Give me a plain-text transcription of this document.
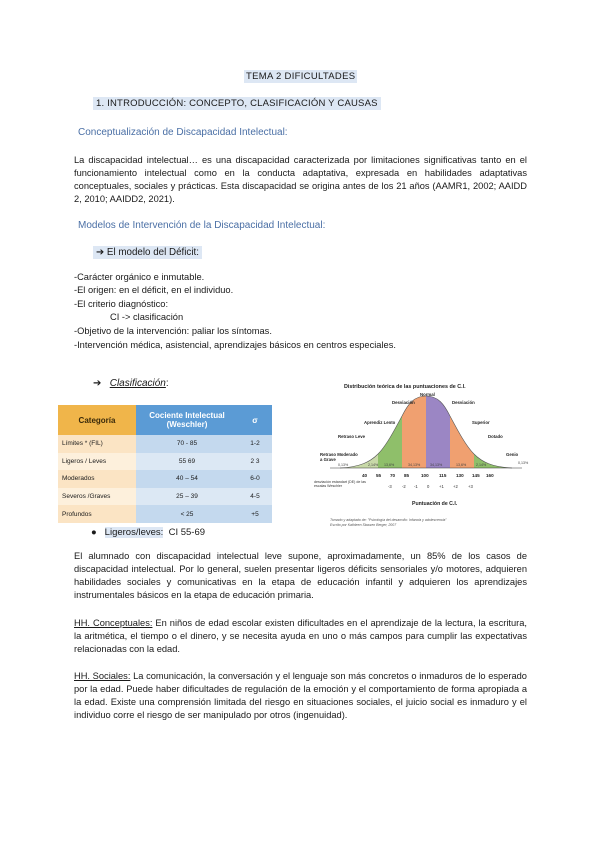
TEMA 2 DIFICULTADES
1. INTRODUCCIÓN: CONCEPTO, CLASIFICACIÓN Y CAUSAS
Conceptualización de Discapacidad Intelectual:

La discapacidad intelectual… es una discapacidad caracterizada por limitaciones significativas tanto en el funcionamiento intelectual como en la conducta adaptativa, expresada en habilidades adaptativas conceptuales, sociales y prácticas. Esta discapacidad se origina antes de los 21 años (AAMR1, 2002; AAIDD 2, 2010; AAIDD2, 2021).

Modelos de Intervención de la Discapacidad Intelectual:
➔ El modelo del Déficit:
-Carácter orgánico e inmutable.
-El origen: en el déficit, en el individuo.
-El criterio diagnóstico:
CI -> clasificación
-Objetivo de la intervención: paliar los síntomas.
-Intervención médica, asistencial, aprendizajes básicos en centros especiales.
➔ Clasificación:
Categoría	Cociente Intelectual (Weschler)	σ
Límites * (FIL)	70 - 85	1-2
Ligeros / Leves	55 69	2 3
Moderados	40 – 54	6-0
Severos /Graves	25 – 39	4-5
Profundos	< 25	+5
Distribución teórica de las puntuaciones de C.I.
Normal
Desviación	Desviación
Aprendiz Lento	Superior
Retraso Leve	Dotado
Retraso Moderado
a Grave
Genio
0,13%	0,13%
2,14% 13,6%	34,13%	34,13%	13,6%	2,14%
40 55 70 85	100 115 130 145 160
desviación estandart (DE) de las escalas Weschler	-3 -2 -1 0 +1 +2 +3
Puntuación de C.I.
Tomado y adaptado de: "Psicología del desarrollo: Infancia y adolescencia"
Escrito por Kathleen Stassen Berger, 2007
● Ligeros/leves: CI 55-69

El alumnado con discapacidad intelectual leve supone, aproximadamente, un 85% de los casos de discapacidad intelectual. Por lo general, suelen presentar ligeros déficits sensoriales y/o motores, adquieren habilidades sociales y comunicativas en la etapa de educación infantil y adquieren los aprendizajes instrumentales básicos en la etapa de educación primaria.

HH. Conceptuales: En niños de edad escolar existen dificultades en el aprendizaje de la lectura, la escritura, la aritmética, el tiempo o el dinero, y se necesita ayuda en uno o más campos para cumplir las expectativas relacionadas con la edad.

HH. Sociales: La comunicación, la conversación y el lenguaje son más concretos o inmaduros de lo esperado por la edad. Puede haber dificultades de regulación de la emoción y el comportamiento de forma apropiada a la edad. Existe una comprensión limitada del riesgo en situaciones sociales, el juicio social es inmaduro y el individuo corre el riesgo de ser manipulado por otros (ingenuidad).
